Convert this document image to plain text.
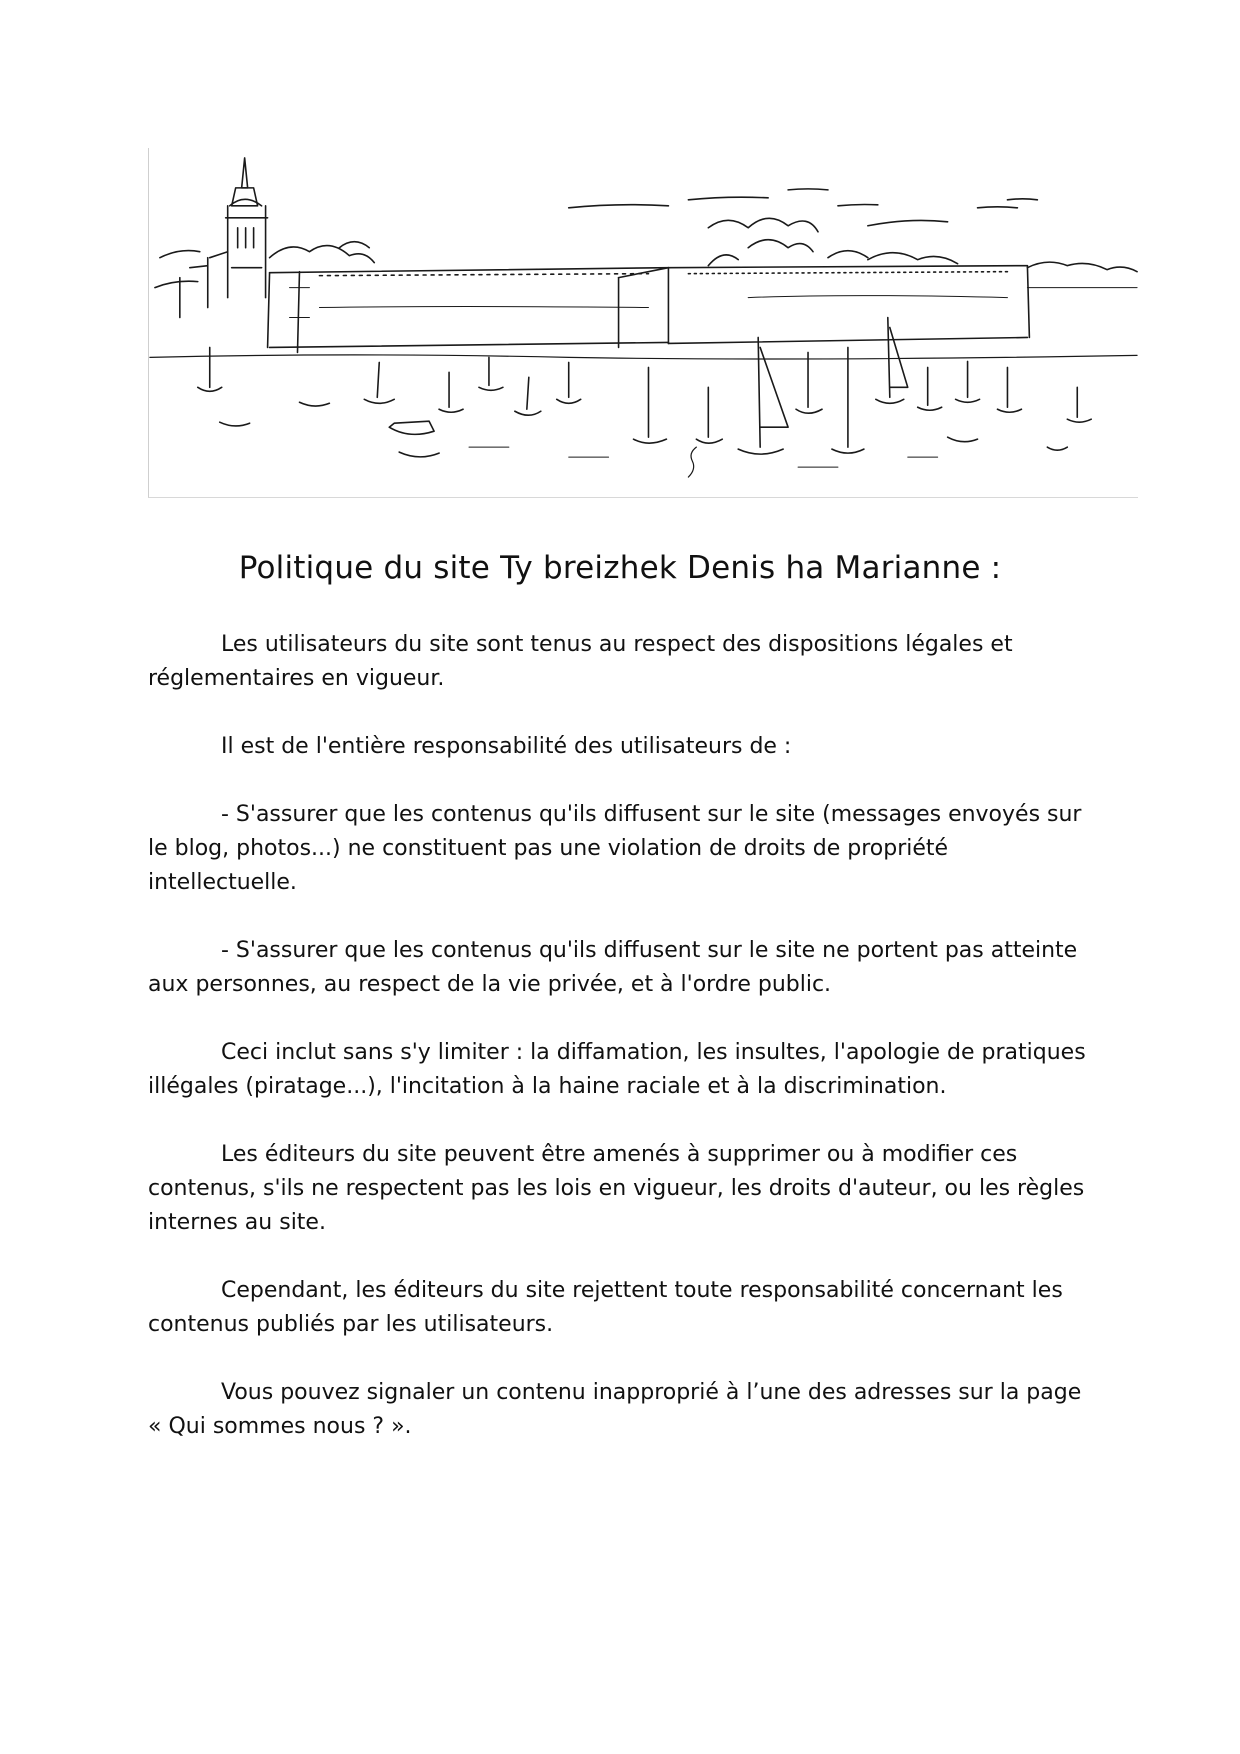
Politique du site Ty breizhek Denis ha Marianne :

Les utilisateurs du site sont tenus au respect des dispositions légales et réglementaires en vigueur.

Il est de l'entière responsabilité des utilisateurs de :

- S'assurer que les contenus qu'ils diffusent sur le site (messages envoyés sur le blog, photos...) ne constituent pas une violation de droits de propriété intellectuelle.

- S'assurer que les contenus qu'ils diffusent sur le site ne portent pas atteinte aux personnes, au respect de la vie privée, et à l'ordre public.

Ceci inclut sans s'y limiter : la diffamation, les insultes, l'apologie de pratiques illégales (piratage...), l'incitation à la haine raciale et à la discrimination.

Les éditeurs du site peuvent être amenés à supprimer ou à modifier ces contenus, s'ils ne respectent pas les lois en vigueur, les droits d'auteur, ou les règles internes au site.

Cependant, les éditeurs du site rejettent toute responsabilité concernant les contenus publiés par les utilisateurs.

Vous pouvez signaler un contenu inapproprié à l’une des adresses sur la page « Qui sommes nous ? ».
